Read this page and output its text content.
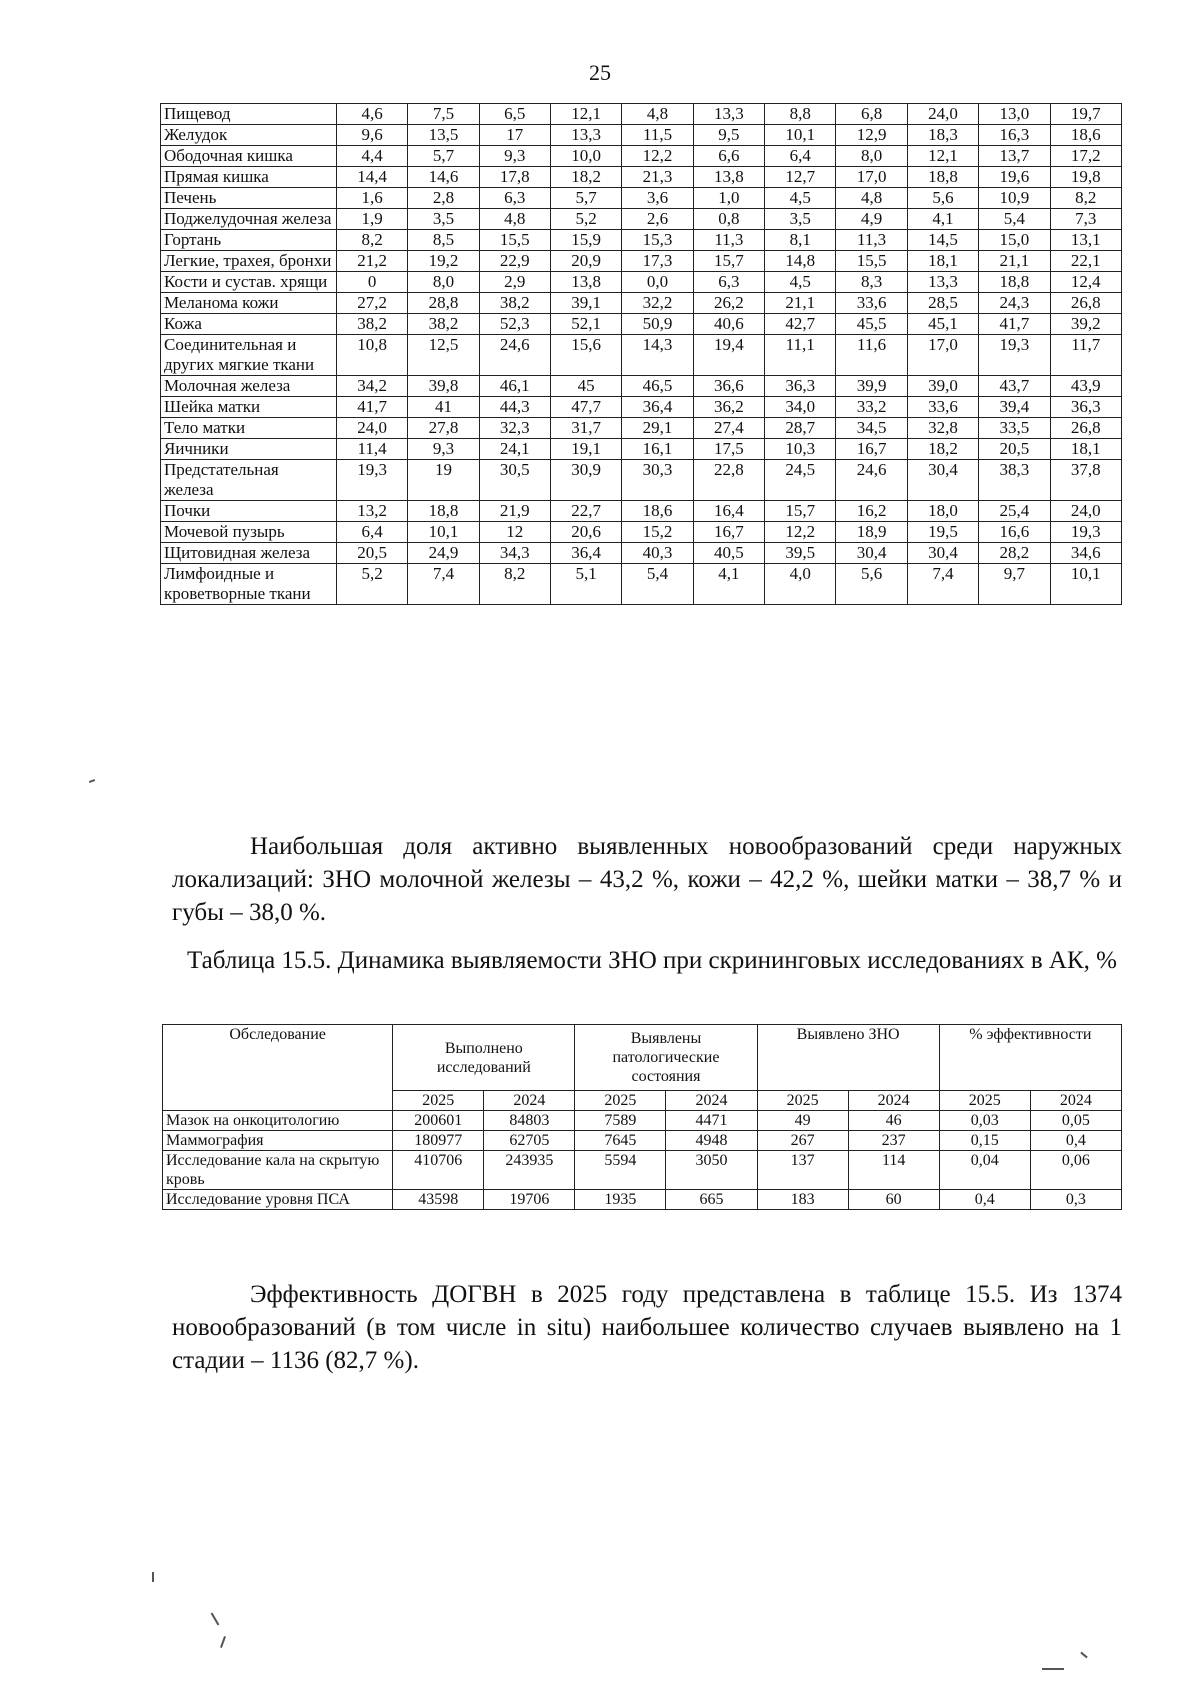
25
Пищевод	4,6	7,5	6,5	12,1	4,8	13,3	8,8	6,8	24,0	13,0	19,7
Желудок	9,6	13,5	17	13,3	11,5	9,5	10,1	12,9	18,3	16,3	18,6
Ободочная кишка	4,4	5,7	9,3	10,0	12,2	6,6	6,4	8,0	12,1	13,7	17,2
Прямая кишка	14,4	14,6	17,8	18,2	21,3	13,8	12,7	17,0	18,8	19,6	19,8
Печень	1,6	2,8	6,3	5,7	3,6	1,0	4,5	4,8	5,6	10,9	8,2
Поджелудочная железа	1,9	3,5	4,8	5,2	2,6	0,8	3,5	4,9	4,1	5,4	7,3
Гортань	8,2	8,5	15,5	15,9	15,3	11,3	8,1	11,3	14,5	15,0	13,1
Легкие, трахея, бронхи	21,2	19,2	22,9	20,9	17,3	15,7	14,8	15,5	18,1	21,1	22,1
Кости и сустав. хрящи	0	8,0	2,9	13,8	0,0	6,3	4,5	8,3	13,3	18,8	12,4
Меланома кожи	27,2	28,8	38,2	39,1	32,2	26,2	21,1	33,6	28,5	24,3	26,8
Кожа	38,2	38,2	52,3	52,1	50,9	40,6	42,7	45,5	45,1	41,7	39,2
Соединительная и других мягкие ткани	10,8	12,5	24,6	15,6	14,3	19,4	11,1	11,6	17,0	19,3	11,7
Молочная железа	34,2	39,8	46,1	45	46,5	36,6	36,3	39,9	39,0	43,7	43,9
Шейка матки	41,7	41	44,3	47,7	36,4	36,2	34,0	33,2	33,6	39,4	36,3
Тело матки	24,0	27,8	32,3	31,7	29,1	27,4	28,7	34,5	32,8	33,5	26,8
Яичники	11,4	9,3	24,1	19,1	16,1	17,5	10,3	16,7	18,2	20,5	18,1
Предстательная железа	19,3	19	30,5	30,9	30,3	22,8	24,5	24,6	30,4	38,3	37,8
Почки	13,2	18,8	21,9	22,7	18,6	16,4	15,7	16,2	18,0	25,4	24,0
Мочевой пузырь	6,4	10,1	12	20,6	15,2	16,7	12,2	18,9	19,5	16,6	19,3
Щитовидная железа	20,5	24,9	34,3	36,4	40,3	40,5	39,5	30,4	30,4	28,2	34,6
Лимфоидные и кроветворные ткани	5,2	7,4	8,2	5,1	5,4	4,1	4,0	5,6	7,4	9,7	10,1

Наибольшая доля активно выявленных новообразований среди наружных локализаций: ЗНО молочной железы – 43,2 %, кожи – 42,2 %, шейки матки – 38,7 % и губы – 38,0 %.

Таблица 15.5. Динамика выявляемости ЗНО при скрининговых исследованиях в АК, %
Обследование	Выполнено исследований		Выявлены патологические состояния		Выявлено ЗНО		% эффективности	
	2025	2024	2025	2024	2025	2024	2025	2024
Мазок на онкоцитологию	200601	84803	7589	4471	49	46	0,03	0,05
Маммография	180977	62705	7645	4948	267	237	0,15	0,4
Исследование кала на скрытую кровь	410706	243935	5594	3050	137	114	0,04	0,06
Исследование уровня ПСА	43598	19706	1935	665	183	60	0,4	0,3

Эффективность ДОГВН в 2025 году представлена в таблице 15.5. Из 1374 новообразований (в том числе in situ) наибольшее количество случаев выявлено на 1 стадии – 1136 (82,7 %).
